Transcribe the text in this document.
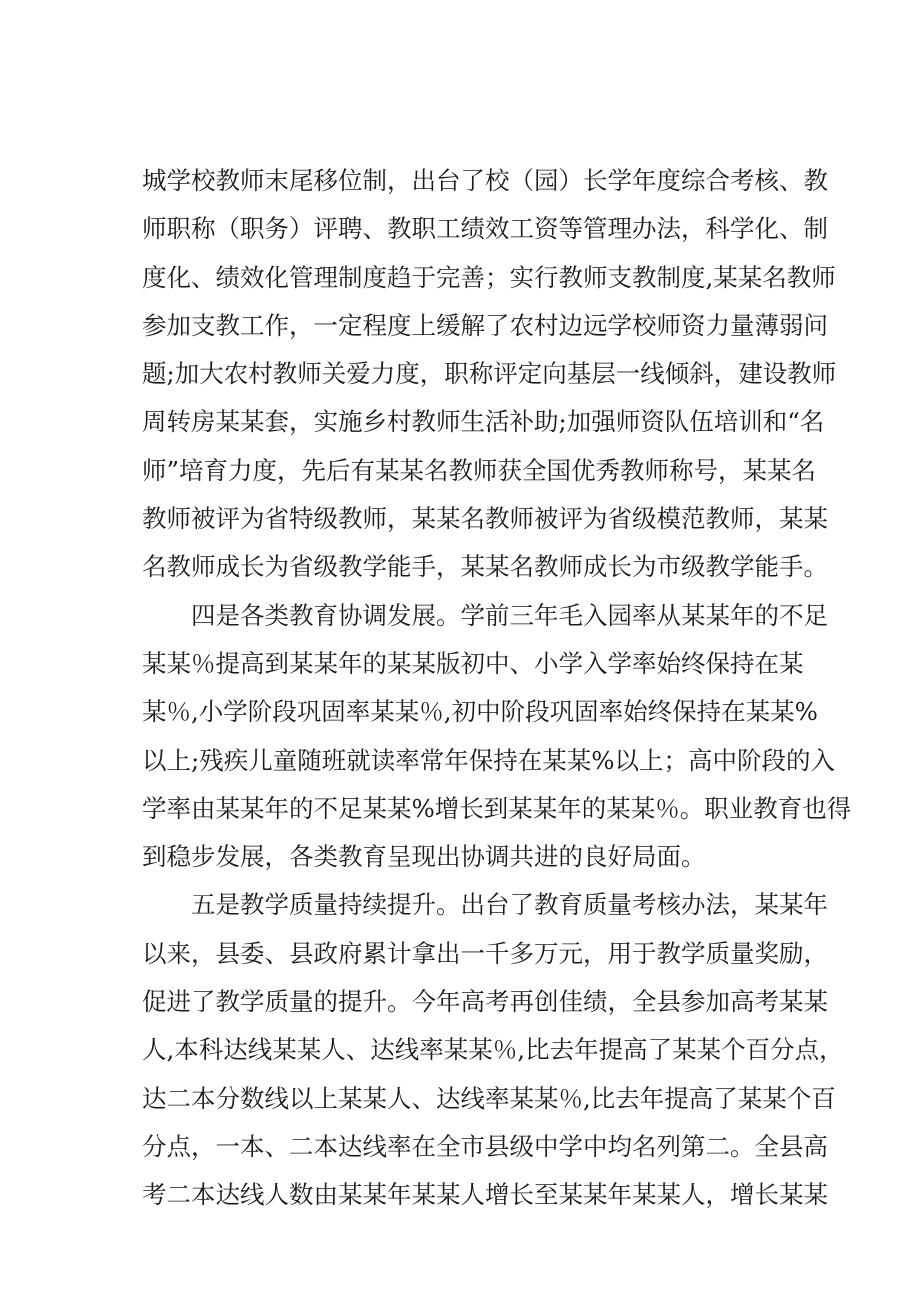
城学校教师末尾移位制，出台了校（园）长学年度综合考核、教
师职称（职务）评聘、教职工绩效工资等管理办法，科学化、制
度化、绩效化管理制度趋于完善；实行教师支教制度,某某名教师
参加支教工作，一定程度上缓解了农村边远学校师资力量薄弱问
题;加大农村教师关爱力度，职称评定向基层一线倾斜，建设教师
周转房某某套，实施乡村教师生活补助;加强师资队伍培训和“名
师”培育力度，先后有某某名教师获全国优秀教师称号，某某名
教师被评为省特级教师，某某名教师被评为省级模范教师，某某
名教师成长为省级教学能手，某某名教师成长为市级教学能手。
四是各类教育协调发展。学前三年毛入园率从某某年的不足
某某％提高到某某年的某某版初中、小学入学率始终保持在某
某％,小学阶段巩固率某某％,初中阶段巩固率始终保持在某某%
以上;残疾儿童随班就读率常年保持在某某%以上；高中阶段的入
学率由某某年的不足某某%增长到某某年的某某％。职业教育也得
到稳步发展，各类教育呈现出协调共进的良好局面。
五是教学质量持续提升。出台了教育质量考核办法，某某年
以来，县委、县政府累计拿出一千多万元，用于教学质量奖励，
促进了教学质量的提升。今年高考再创佳绩，全县参加高考某某
人,本科达线某某人、达线率某某％,比去年提高了某某个百分点，
达二本分数线以上某某人、达线率某某％,比去年提高了某某个百
分点，一本、二本达线率在全市县级中学中均名列第二。全县高
考二本达线人数由某某年某某人增长至某某年某某人，增长某某
